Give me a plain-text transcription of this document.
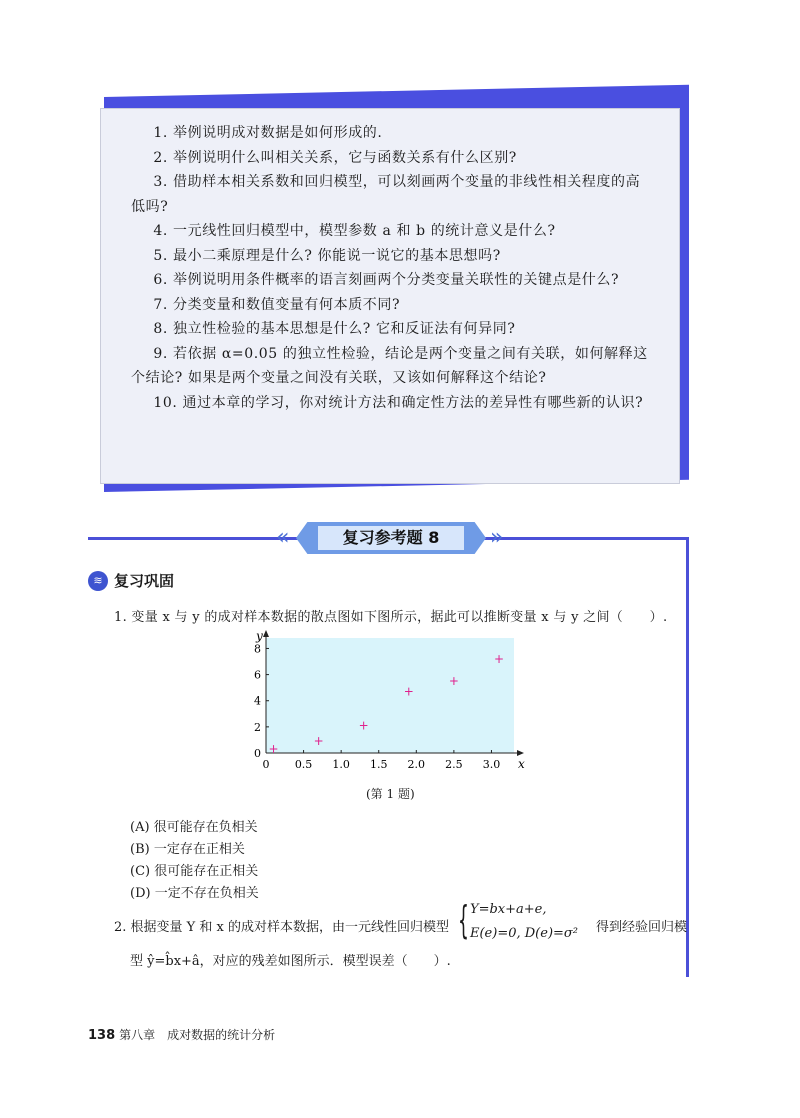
1. 举例说明成对数据是如何形成的.
2. 举例说明什么叫相关关系，它与函数关系有什么区别?
3. 借助样本相关系数和回归模型，可以刻画两个变量的非线性相关程度的高低吗?
4. 一元线性回归模型中，模型参数 a 和 b 的统计意义是什么?
5. 最小二乘原理是什么? 你能说一说它的基本思想吗?
6. 举例说明用条件概率的语言刻画两个分类变量关联性的关键点是什么?
7. 分类变量和数值变量有何本质不同?
8. 独立性检验的基本思想是什么? 它和反证法有何异同?
9. 若依据 α=0.05 的独立性检验，结论是两个变量之间有关联，如何解释这个结论? 如果是两个变量之间没有关联，又该如何解释这个结论?
10. 通过本章的学习，你对统计方法和确定性方法的差异性有哪些新的认识?
«	»
复习参考题 8
≋ 复习巩固
1. 变量 x 与 y 的成对样本数据的散点图如下图所示，据此可以推断变量 x 与 y 之间（　　）.
0 0.5 1.0 1.5 2.0 2.5 3.0
0
2
4
6
8
+
+
+
+
+
+
x
y
(第 1 题)
(A) 很可能存在负相关
(B) 一定存在正相关
(C) 很可能存在正相关
(D) 一定不存在负相关
2. 根据变量 Y 和 x 的成对样本数据，由一元线性回归模型 { Y=bx+a+e,
E(e)=0, D(e)=σ² 得到经验回归模
型 ŷ=b̂x+â，对应的残差如图所示．模型误差（　　）.
138 第八章　成对数据的统计分析
